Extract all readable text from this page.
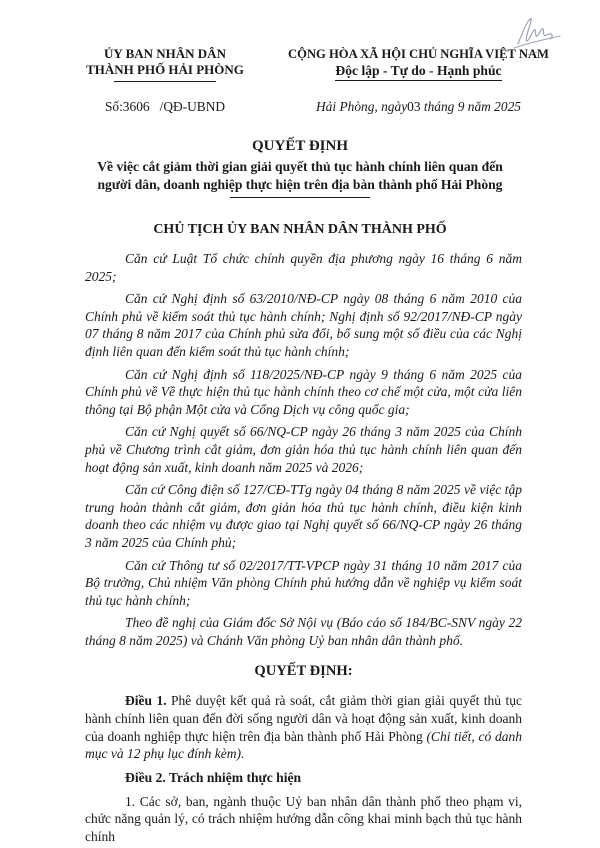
ỦY BAN NHÂN DÂN
THÀNH PHỐ HẢI PHÒNG
CỘNG HÒA XÃ HỘI CHỦ NGHĨA VIỆT NAM
Độc lập - Tự do - Hạnh phúc
Số:3606 /QĐ-UBND	Hải Phòng, ngày03 tháng 9 năm 2025
QUYẾT ĐỊNH
Về việc cắt giảm thời gian giải quyết thủ tục hành chính liên quan đến
người dân, doanh nghiệp thực hiện trên địa bàn thành phố Hải Phòng
CHỦ TỊCH ỦY BAN NHÂN DÂN THÀNH PHỐ

Căn cứ Luật Tổ chức chính quyền địa phương ngày 16 tháng 6 năm 2025;

Căn cứ Nghị định số 63/2010/NĐ-CP ngày 08 tháng 6 năm 2010 của Chính phủ về kiểm soát thủ tục hành chính; Nghị định số 92/2017/NĐ-CP ngày 07 tháng 8 năm 2017 của Chính phủ sửa đổi, bổ sung một số điều của các Nghị định liên quan đến kiểm soát thủ tục hành chính;

Căn cứ Nghị định số 118/2025/NĐ-CP ngày 9 tháng 6 năm 2025 của Chính phủ về Về thực hiện thủ tục hành chính theo cơ chế một cửa, một cửa liên thông tại Bộ phận Một cửa và Cổng Dịch vụ công quốc gia;

Căn cứ Nghị quyết số 66/NQ-CP ngày 26 tháng 3 năm 2025 của Chính phủ về Chương trình cắt giảm, đơn giản hóa thủ tục hành chính liên quan đến hoạt động sản xuất, kinh doanh năm 2025 và 2026;

Căn cứ Công điện số 127/CĐ-TTg ngày 04 tháng 8 năm 2025 về việc tập trung hoàn thành cắt giảm, đơn giản hóa thủ tục hành chính, điều kiện kinh doanh theo các nhiệm vụ được giao tại Nghị quyết số 66/NQ-CP ngày 26 tháng 3 năm 2025 của Chính phủ;

Căn cứ Thông tư số 02/2017/TT-VPCP ngày 31 tháng 10 năm 2017 của Bộ trưởng, Chủ nhiệm Văn phòng Chính phủ hướng dẫn về nghiệp vụ kiểm soát thủ tục hành chính;

Theo đề nghị của Giám đốc Sở Nội vụ (Báo cáo số 184/BC-SNV ngày 22 tháng 8 năm 2025) và Chánh Văn phòng Uỷ ban nhân dân thành phố.

QUYẾT ĐỊNH:

Điều 1. Phê duyệt kết quả rà soát, cắt giảm thời gian giải quyết thủ tục hành chính liên quan đến đời sống người dân và hoạt động sản xuất, kinh doanh của doanh nghiệp thực hiện trên địa bàn thành phố Hải Phòng (Chi tiết, có danh mục và 12 phụ lục đính kèm).

Điều 2. Trách nhiệm thực hiện

1. Các sở, ban, ngành thuộc Uỷ ban nhân dân thành phố theo phạm vi, chức năng quản lý, có trách nhiệm hướng dẫn công khai minh bạch thủ tục hành chính
